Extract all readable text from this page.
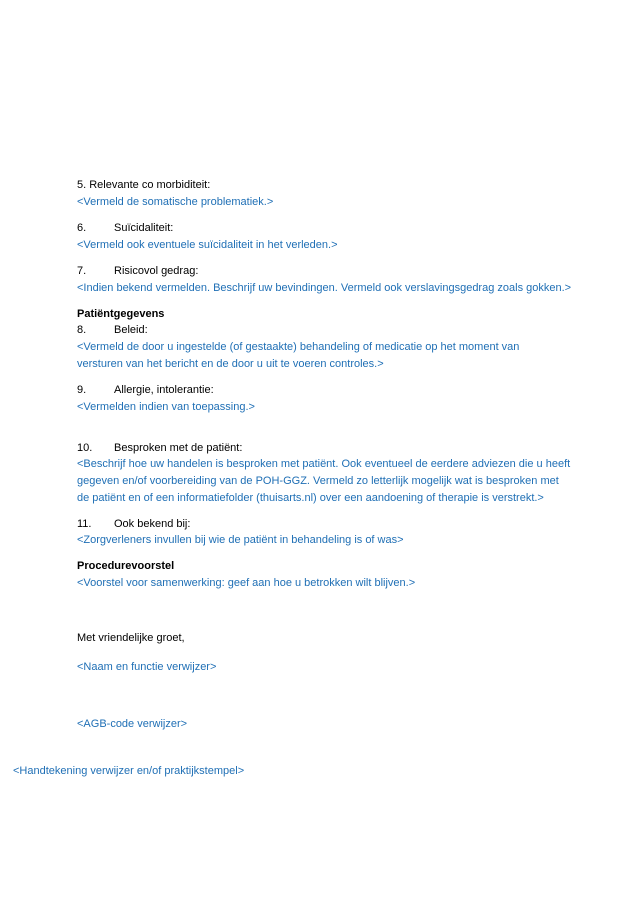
5. Relevante co morbiditeit:
<Vermeld de somatische problematiek.>
6.	Suïcidaliteit:
<Vermeld ook eventuele suïcidaliteit in het verleden.>
7.	Risicovol gedrag:
<Indien bekend vermelden. Beschrijf uw bevindingen. Vermeld ook verslavingsgedrag zoals gokken.>
Patiëntgegevens
8.	Beleid:
<Vermeld de door u ingestelde (of gestaakte) behandeling of medicatie op het moment van
versturen van het bericht en de door u uit te voeren controles.>
9.	Allergie, intolerantie:
<Vermelden indien van toepassing.>
10. Besproken met de patiënt:
<Beschrijf hoe uw handelen is besproken met patiënt. Ook eventueel de eerdere adviezen die u heeft
gegeven en/of voorbereiding van de POH-GGZ. Vermeld zo letterlijk mogelijk wat is besproken met
de patiënt en of een informatiefolder (thuisarts.nl) over een aandoening of therapie is verstrekt.>
11. Ook bekend bij:
<Zorgverleners invullen bij wie de patiënt in behandeling is of was>
Procedurevoorstel
<Voorstel voor samenwerking: geef aan hoe u betrokken wilt blijven.>
Met vriendelijke groet,
<Naam en functie verwijzer>
<AGB-code verwijzer>
<Handtekening verwijzer en/of praktijkstempel>
